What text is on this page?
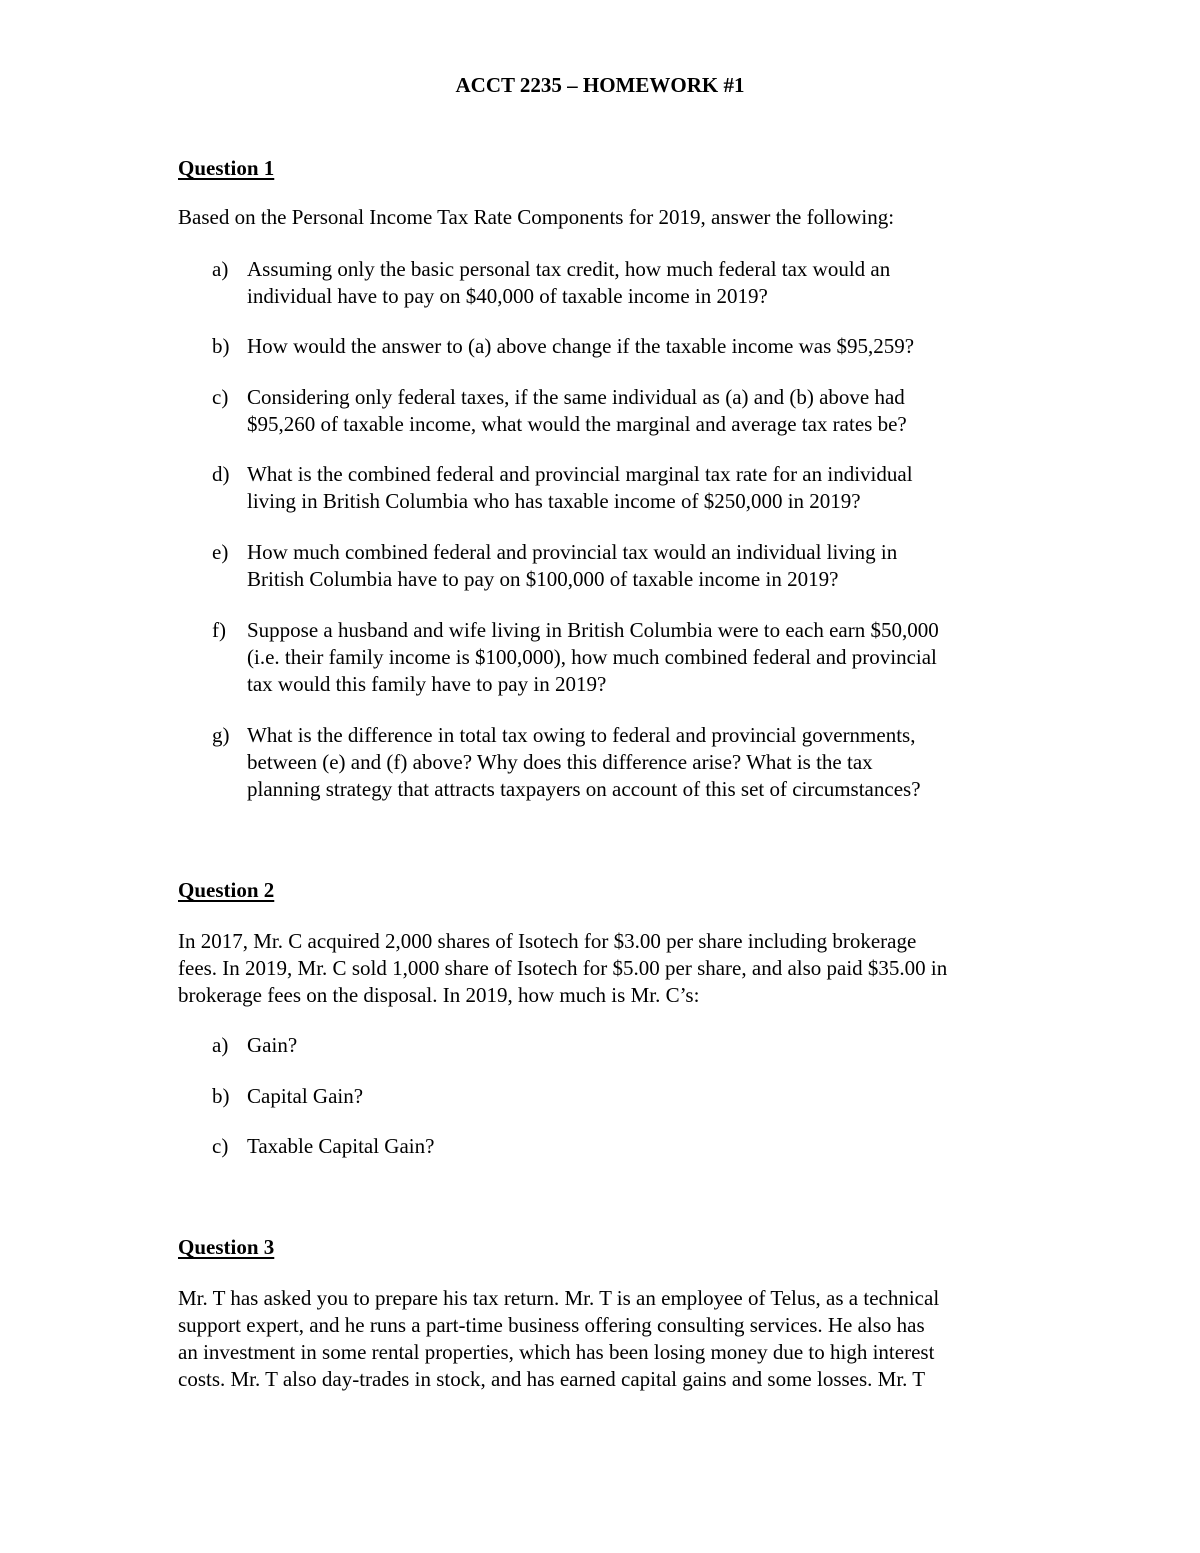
ACCT 2235 – HOMEWORK #1
Question 1
Based on the Personal Income Tax Rate Components for 2019, answer the following:
a) Assuming only the basic personal tax credit, how much federal tax would an
individual have to pay on $40,000 of taxable income in 2019?
b) How would the answer to (a) above change if the taxable income was $95,259?
c) Considering only federal taxes, if the same individual as (a) and (b) above had
$95,260 of taxable income, what would the marginal and average tax rates be?
d) What is the combined federal and provincial marginal tax rate for an individual
living in British Columbia who has taxable income of $250,000 in 2019?
e) How much combined federal and provincial tax would an individual living in
British Columbia have to pay on $100,000 of taxable income in 2019?
f)	Suppose a husband and wife living in British Columbia were to each earn $50,000
(i.e. their family income is $100,000), how much combined federal and provincial
tax would this family have to pay in 2019?
g) What is the difference in total tax owing to federal and provincial governments,
between (e) and (f) above? Why does this difference arise? What is the tax
planning strategy that attracts taxpayers on account of this set of circumstances?
Question 2
In 2017, Mr. C acquired 2,000 shares of Isotech for $3.00 per share including brokerage
fees. In 2019, Mr. C sold 1,000 share of Isotech for $5.00 per share, and also paid $35.00 in
brokerage fees on the disposal. In 2019, how much is Mr. C’s:
a) Gain?
b) Capital Gain?
c) Taxable Capital Gain?
Question 3
Mr. T has asked you to prepare his tax return. Mr. T is an employee of Telus, as a technical
support expert, and he runs a part-time business offering consulting services. He also has
an investment in some rental properties, which has been losing money due to high interest
costs. Mr. T also day-trades in stock, and has earned capital gains and some losses. Mr. T
